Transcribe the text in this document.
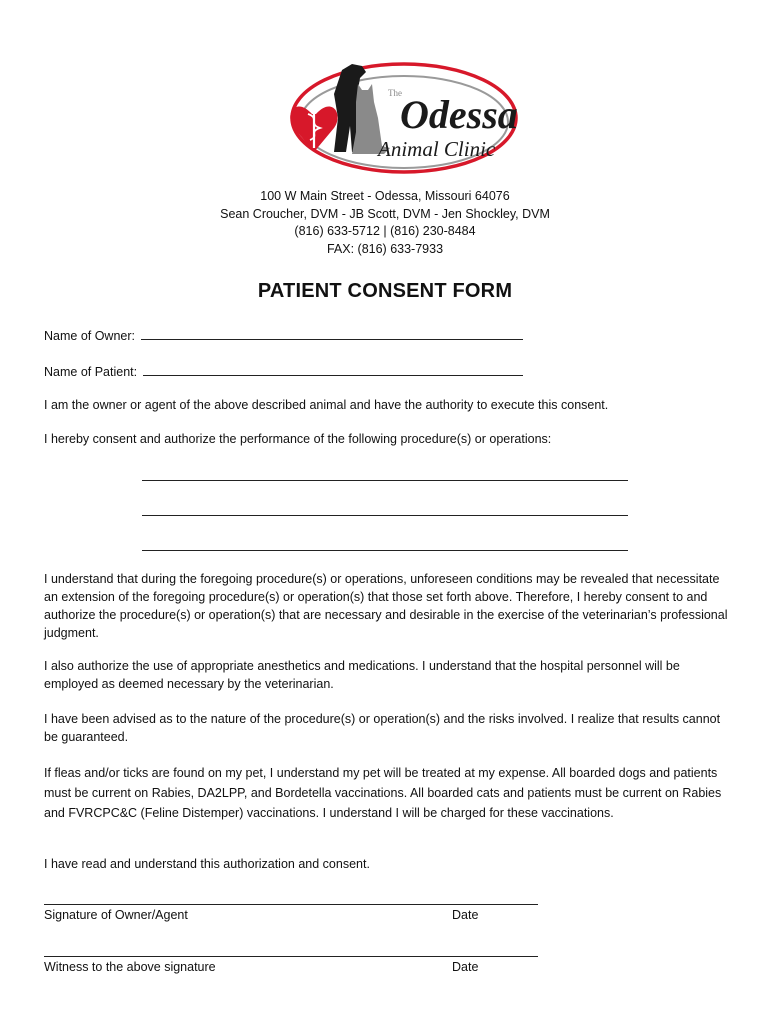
The
Odessa
Animal Clinic
100 W Main Street - Odessa, Missouri 64076
Sean Croucher, DVM - JB Scott, DVM - Jen Shockley, DVM
(816) 633-5712 | (816) 230-8484
FAX: (816) 633-7933
PATIENT CONSENT FORM
Name of Owner:
Name of Patient:
I am the owner or agent of the above described animal and have the authority to execute this consent.
I hereby consent and authorize the performance of the following procedure(s) or operations:
I understand that during the foregoing procedure(s) or operations, unforeseen conditions may be revealed that necessitate an extension of the foregoing procedure(s) or operation(s) that those set forth above. Therefore, I hereby consent to and authorize the procedure(s) or operation(s) that are necessary and desirable in the exercise of the veterinarian’s professional judgment.
I also authorize the use of appropriate anesthetics and medications. I understand that the hospital personnel will be employed as deemed necessary by the veterinarian.
I have been advised as to the nature of the procedure(s) or operation(s) and the risks involved. I realize that results cannot be guaranteed.
If fleas and/or ticks are found on my pet, I understand my pet will be treated at my expense. All boarded dogs and patients must be current on Rabies, DA2LPP, and Bordetella vaccinations. All boarded cats and patients must be current on Rabies and FVRCPC&C (Feline Distemper) vaccinations. I understand I will be charged for these vaccinations.
I have read and understand this authorization and consent.
Signature of Owner/Agent	Date
Witness to the above signature	Date
